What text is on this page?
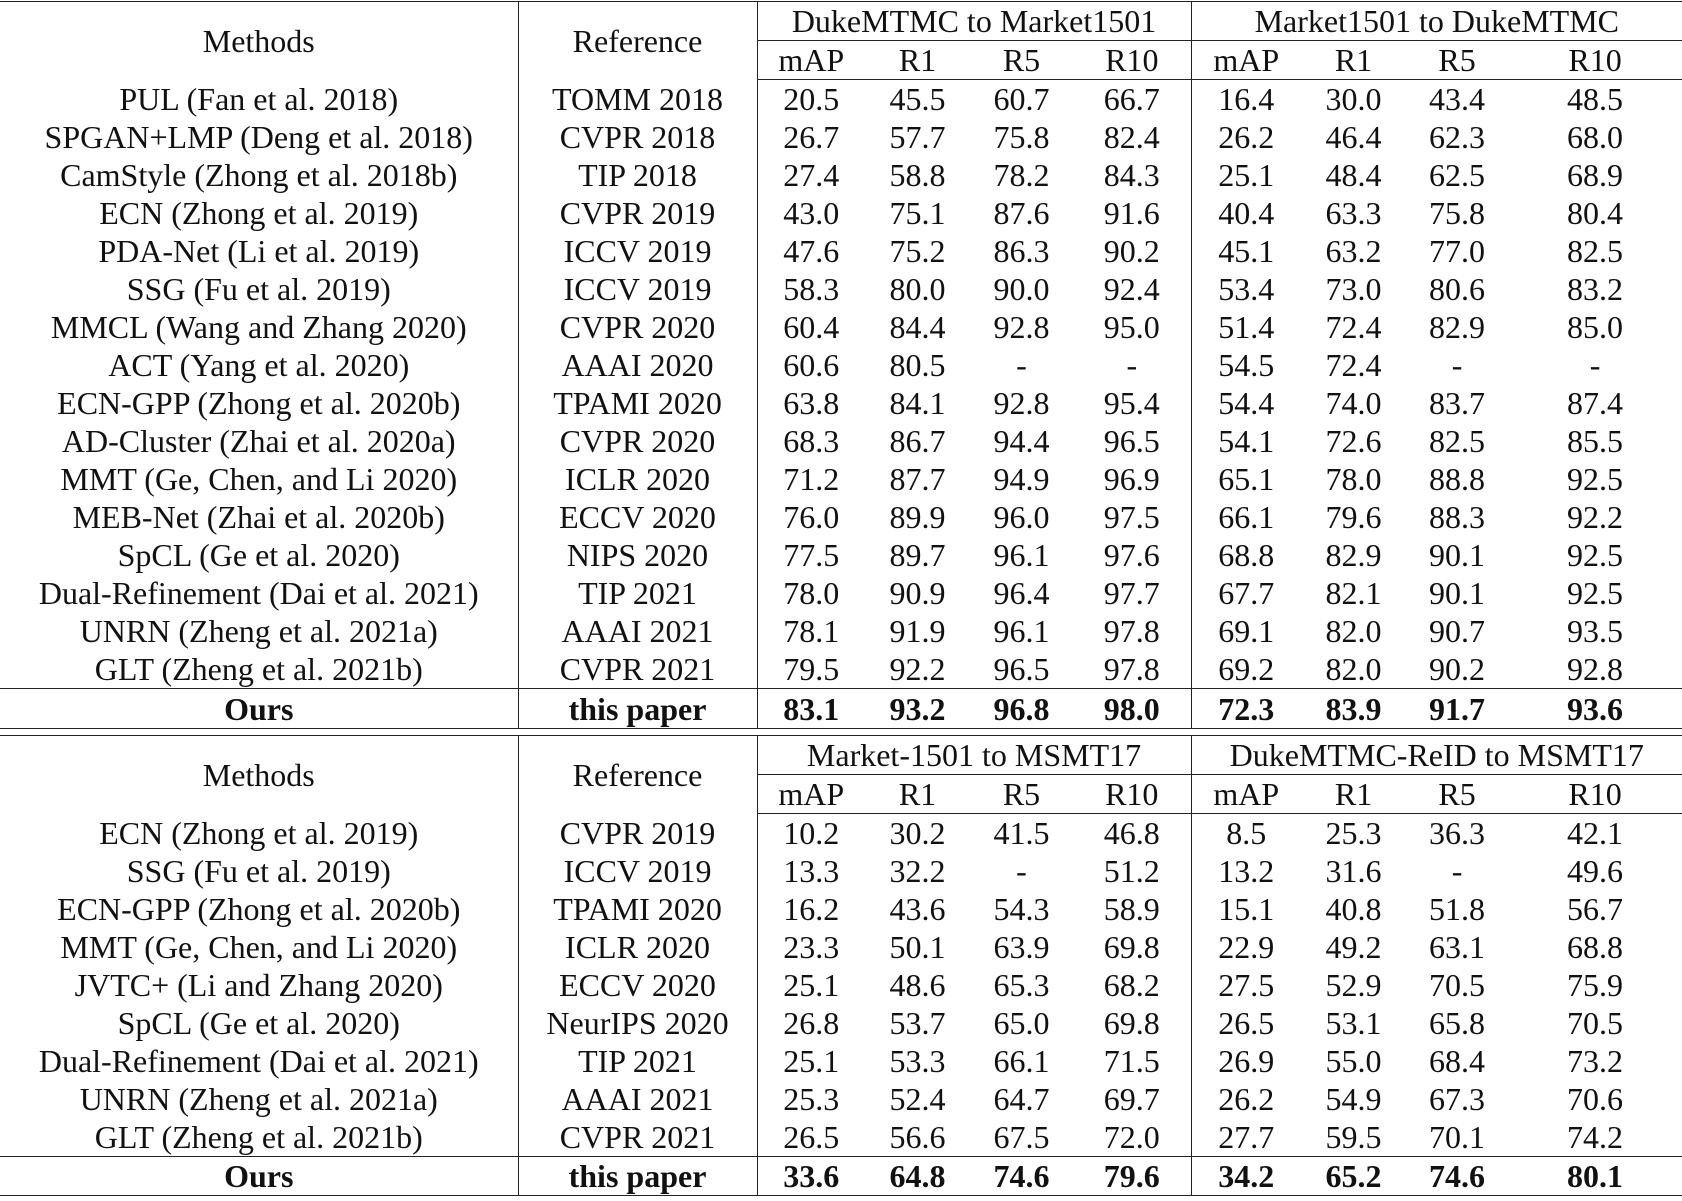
Methods	Reference	DukeMTMC to Market1501				Market1501 to DukeMTMC			
		mAP	R1	R5	R10	mAP	R1	R5	R10
PUL (Fan et al. 2018)	TOMM 2018	20.5	45.5	60.7	66.7	16.4	30.0	43.4	48.5
SPGAN+LMP (Deng et al. 2018)	CVPR 2018	26.7	57.7	75.8	82.4	26.2	46.4	62.3	68.0
CamStyle (Zhong et al. 2018b)	TIP 2018	27.4	58.8	78.2	84.3	25.1	48.4	62.5	68.9
ECN (Zhong et al. 2019)	CVPR 2019	43.0	75.1	87.6	91.6	40.4	63.3	75.8	80.4
PDA-Net (Li et al. 2019)	ICCV 2019	47.6	75.2	86.3	90.2	45.1	63.2	77.0	82.5
SSG (Fu et al. 2019)	ICCV 2019	58.3	80.0	90.0	92.4	53.4	73.0	80.6	83.2
MMCL (Wang and Zhang 2020)	CVPR 2020	60.4	84.4	92.8	95.0	51.4	72.4	82.9	85.0
ACT (Yang et al. 2020)	AAAI 2020	60.6	80.5	-	-	54.5	72.4	-	-
ECN-GPP (Zhong et al. 2020b)	TPAMI 2020	63.8	84.1	92.8	95.4	54.4	74.0	83.7	87.4
AD-Cluster (Zhai et al. 2020a)	CVPR 2020	68.3	86.7	94.4	96.5	54.1	72.6	82.5	85.5
MMT (Ge, Chen, and Li 2020)	ICLR 2020	71.2	87.7	94.9	96.9	65.1	78.0	88.8	92.5
MEB-Net (Zhai et al. 2020b)	ECCV 2020	76.0	89.9	96.0	97.5	66.1	79.6	88.3	92.2
SpCL (Ge et al. 2020)	NIPS 2020	77.5	89.7	96.1	97.6	68.8	82.9	90.1	92.5
Dual-Refinement (Dai et al. 2021)	TIP 2021	78.0	90.9	96.4	97.7	67.7	82.1	90.1	92.5
UNRN (Zheng et al. 2021a)	AAAI 2021	78.1	91.9	96.1	97.8	69.1	82.0	90.7	93.5
GLT (Zheng et al. 2021b)	CVPR 2021	79.5	92.2	96.5	97.8	69.2	82.0	90.2	92.8
Ours	this paper	83.1	93.2	96.8	98.0	72.3	83.9	91.7	93.6
Methods	Reference	Market-1501 to MSMT17				DukeMTMC-ReID to MSMT17			
		mAP	R1	R5	R10	mAP	R1	R5	R10
ECN (Zhong et al. 2019)	CVPR 2019	10.2	30.2	41.5	46.8	8.5	25.3	36.3	42.1
SSG (Fu et al. 2019)	ICCV 2019	13.3	32.2	-	51.2	13.2	31.6	-	49.6
ECN-GPP (Zhong et al. 2020b)	TPAMI 2020	16.2	43.6	54.3	58.9	15.1	40.8	51.8	56.7
MMT (Ge, Chen, and Li 2020)	ICLR 2020	23.3	50.1	63.9	69.8	22.9	49.2	63.1	68.8
JVTC+ (Li and Zhang 2020)	ECCV 2020	25.1	48.6	65.3	68.2	27.5	52.9	70.5	75.9
SpCL (Ge et al. 2020)	NeurIPS 2020	26.8	53.7	65.0	69.8	26.5	53.1	65.8	70.5
Dual-Refinement (Dai et al. 2021)	TIP 2021	25.1	53.3	66.1	71.5	26.9	55.0	68.4	73.2
UNRN (Zheng et al. 2021a)	AAAI 2021	25.3	52.4	64.7	69.7	26.2	54.9	67.3	70.6
GLT (Zheng et al. 2021b)	CVPR 2021	26.5	56.6	67.5	72.0	27.7	59.5	70.1	74.2
Ours	this paper	33.6	64.8	74.6	79.6	34.2	65.2	74.6	80.1
